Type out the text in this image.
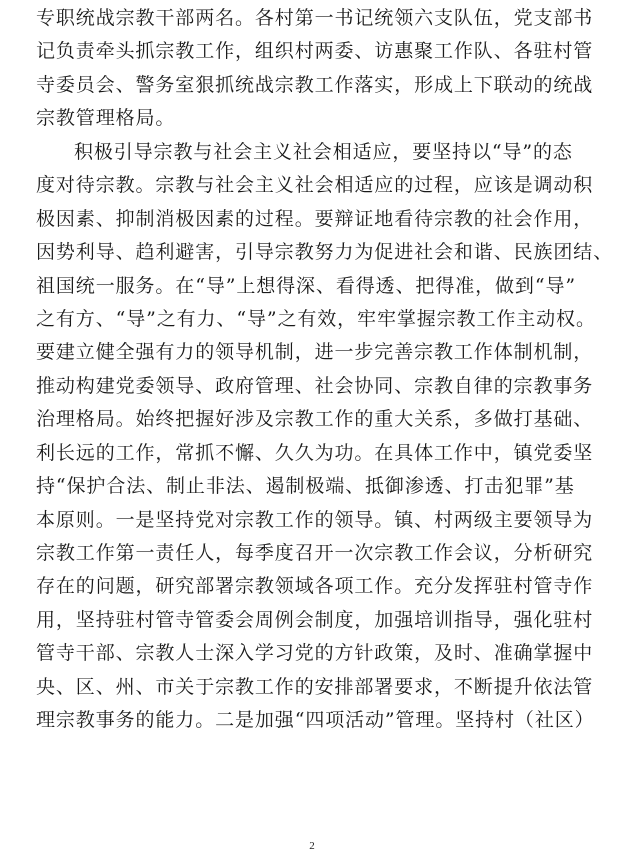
专职统战宗教干部两名。各村第一书记统领六支队伍，党支部书
记负责牵头抓宗教工作，组织村两委、访惠聚工作队、各驻村管
寺委员会、警务室狠抓统战宗教工作落实，形成上下联动的统战
宗教管理格局。
积极引导宗教与社会主义社会相适应，要坚持以“导”的态
度对待宗教。宗教与社会主义社会相适应的过程，应该是调动积
极因素、抑制消极因素的过程。要辩证地看待宗教的社会作用，
因势利导、趋利避害，引导宗教努力为促进社会和谐、民族团结、
祖国统一服务。在“导”上想得深、看得透、把得准，做到“导”
之有方、“导”之有力、“导”之有效，牢牢掌握宗教工作主动权。
要建立健全强有力的领导机制，进一步完善宗教工作体制机制，
推动构建党委领导、政府管理、社会协同、宗教自律的宗教事务
治理格局。始终把握好涉及宗教工作的重大关系，多做打基础、
利长远的工作，常抓不懈、久久为功。在具体工作中，镇党委坚
持“保护合法、制止非法、遏制极端、抵御渗透、打击犯罪”基
本原则。一是坚持党对宗教工作的领导。镇、村两级主要领导为
宗教工作第一责任人，每季度召开一次宗教工作会议，分析研究
存在的问题，研究部署宗教领域各项工作。充分发挥驻村管寺作
用，坚持驻村管寺管委会周例会制度，加强培训指导，强化驻村
管寺干部、宗教人士深入学习党的方针政策，及时、准确掌握中
央、区、州、市关于宗教工作的安排部署要求，不断提升依法管
理宗教事务的能力。二是加强“四项活动”管理。坚持村（社区）
2
